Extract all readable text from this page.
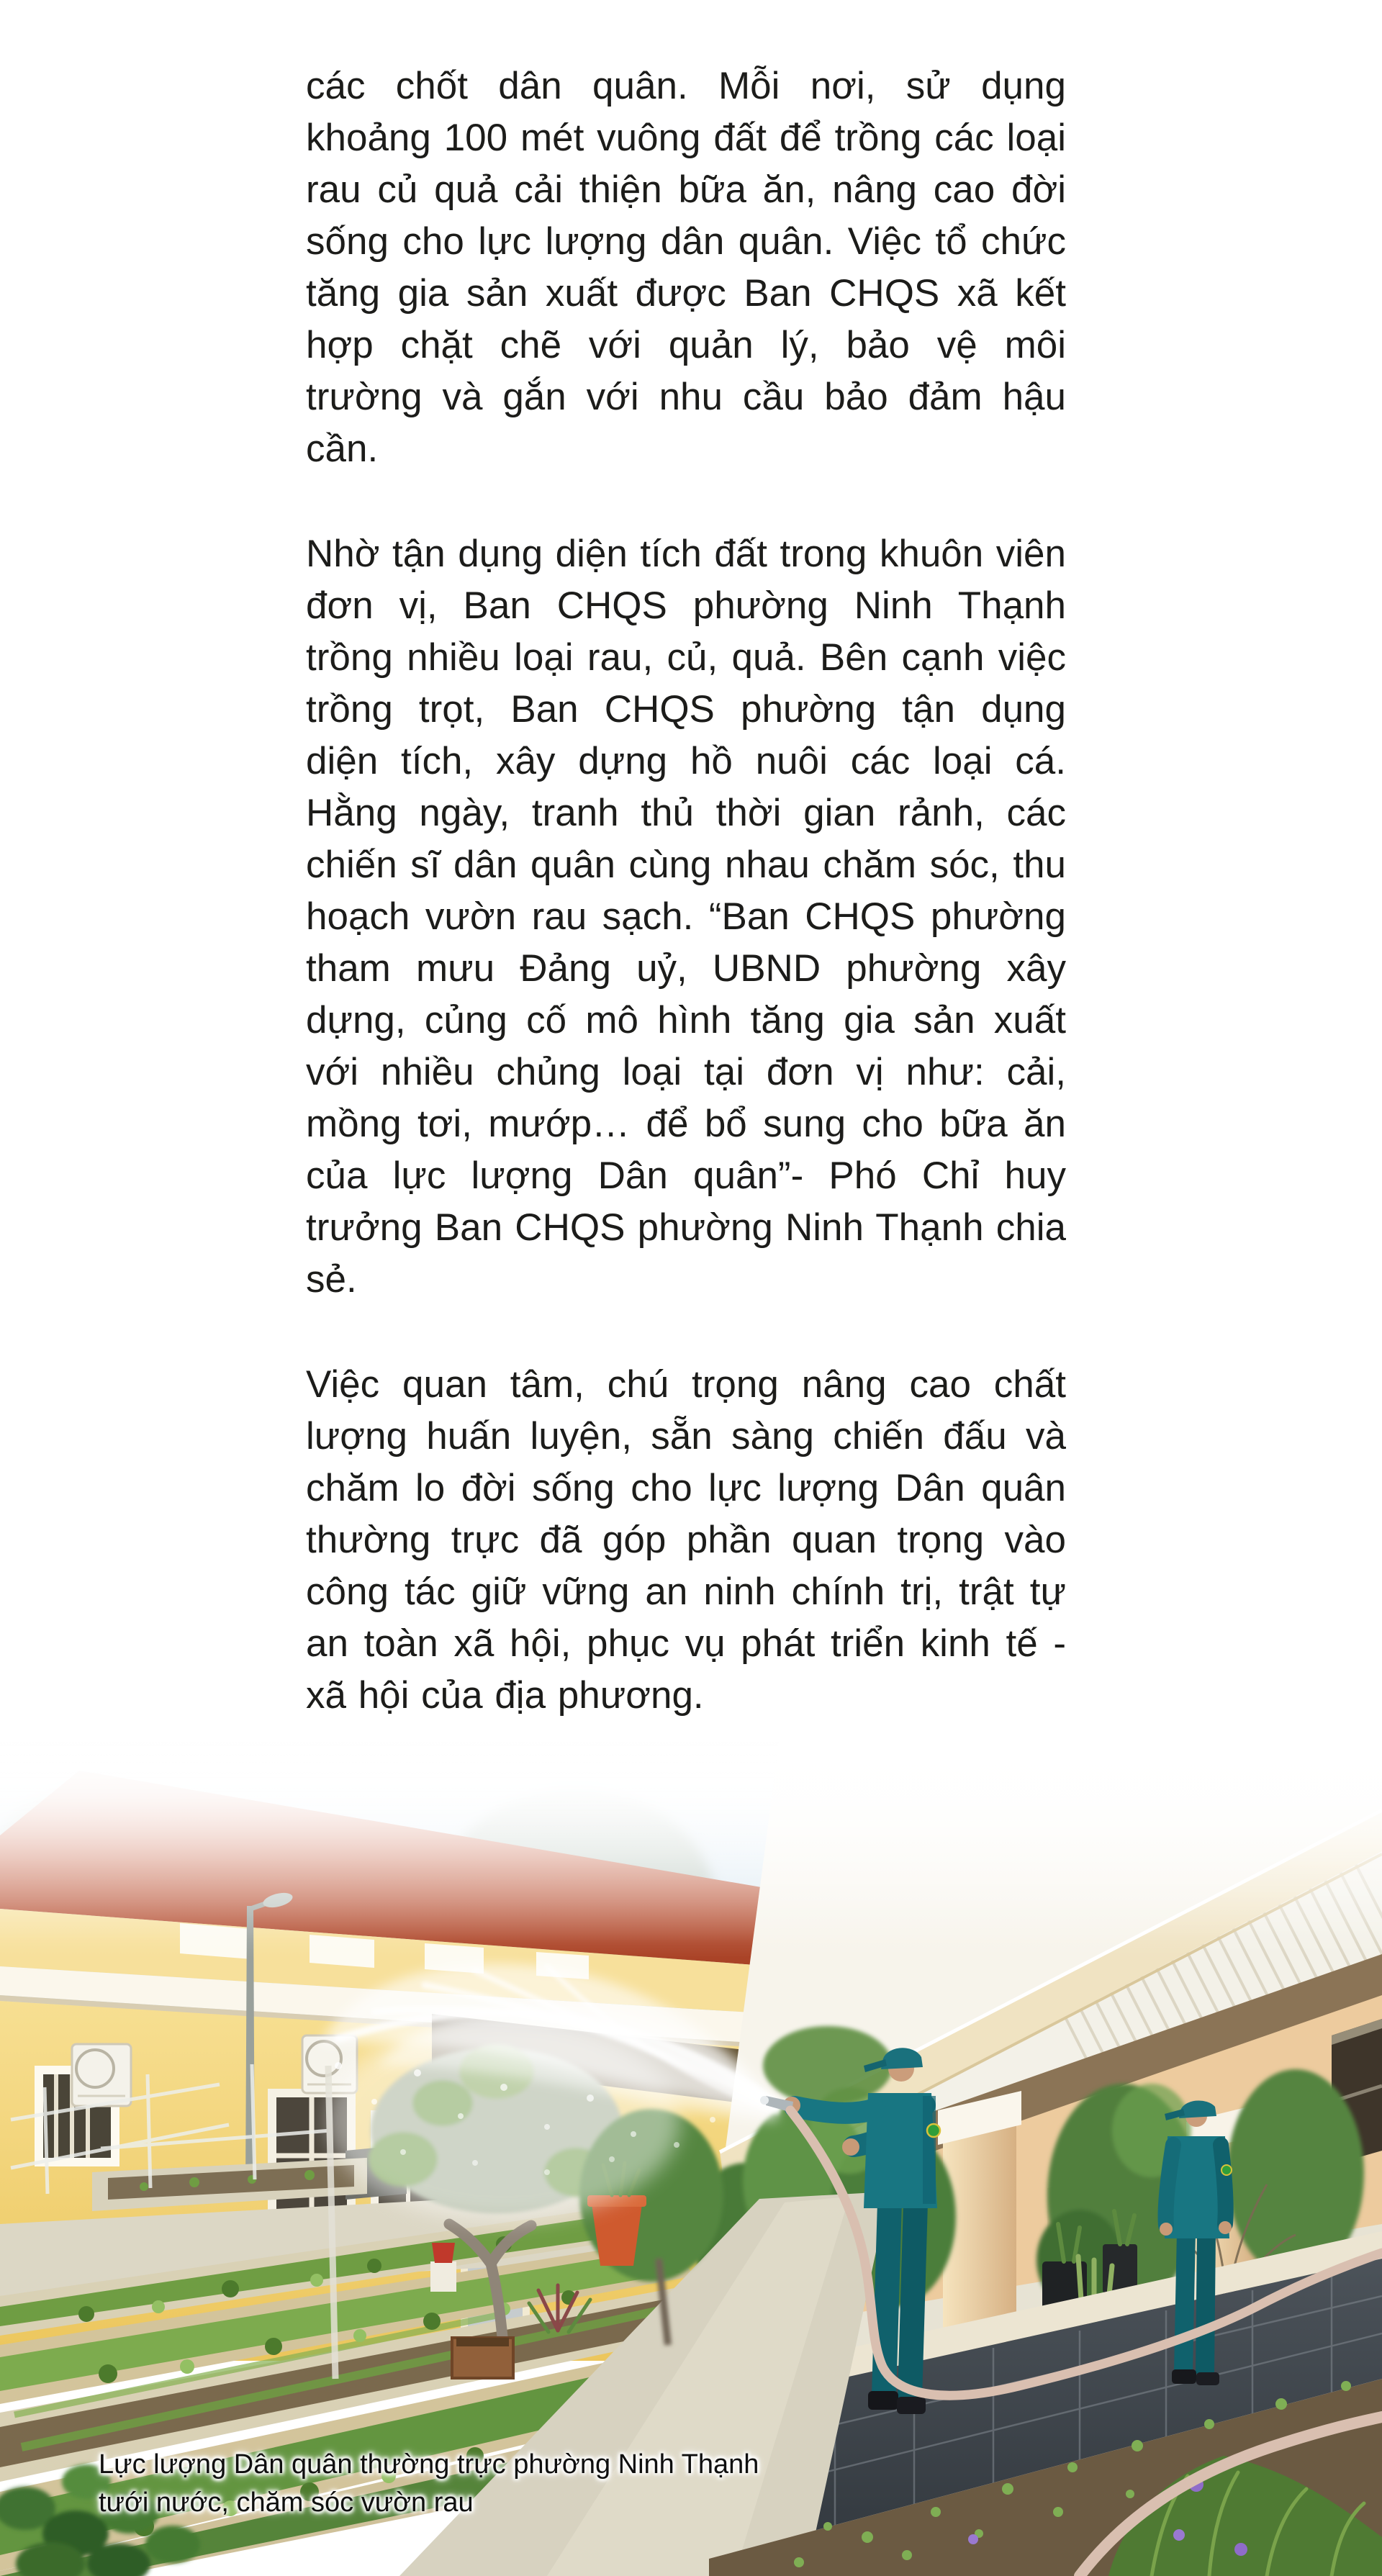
các chốt dân quân. Mỗi nơi, sử dụng khoảng 100 mét vuông đất để trồng các loại rau củ quả cải thiện bữa ăn, nâng cao đời sống cho lực lượng dân quân. Việc tổ chức tăng gia sản xuất được Ban CHQS xã kết hợp chặt chẽ với quản lý, bảo vệ môi trường và gắn với nhu cầu bảo đảm hậu cần.

Nhờ tận dụng diện tích đất trong khuôn viên đơn vị, Ban CHQS phường Ninh Thạnh trồng nhiều loại rau, củ, quả. Bên cạnh việc trồng trọt, Ban CHQS phường tận dụng diện tích, xây dựng hồ nuôi các loại cá. Hằng ngày, tranh thủ thời gian rảnh, các chiến sĩ dân quân cùng nhau chăm sóc, thu hoạch vườn rau sạch. “Ban CHQS phường tham mưu Đảng uỷ, UBND phường xây dựng, củng cố mô hình tăng gia sản xuất với nhiều chủng loại tại đơn vị như: cải, mồng tơi, mướp… để bổ sung cho bữa ăn của lực lượng Dân quân”- Phó Chỉ huy trưởng Ban CHQS phường Ninh Thạnh chia sẻ.

Việc quan tâm, chú trọng nâng cao chất lượng huấn luyện, sẵn sàng chiến đấu và chăm lo đời sống cho lực lượng Dân quân thường trực đã góp phần quan trọng vào công tác giữ vững an ninh chính trị, trật tự an toàn xã hội, phục vụ phát triển kinh tế - xã hội của địa phương.

Lực lượng Dân quân thường trực phường Ninh Thạnh
tưới nước, chăm sóc vườn rau
